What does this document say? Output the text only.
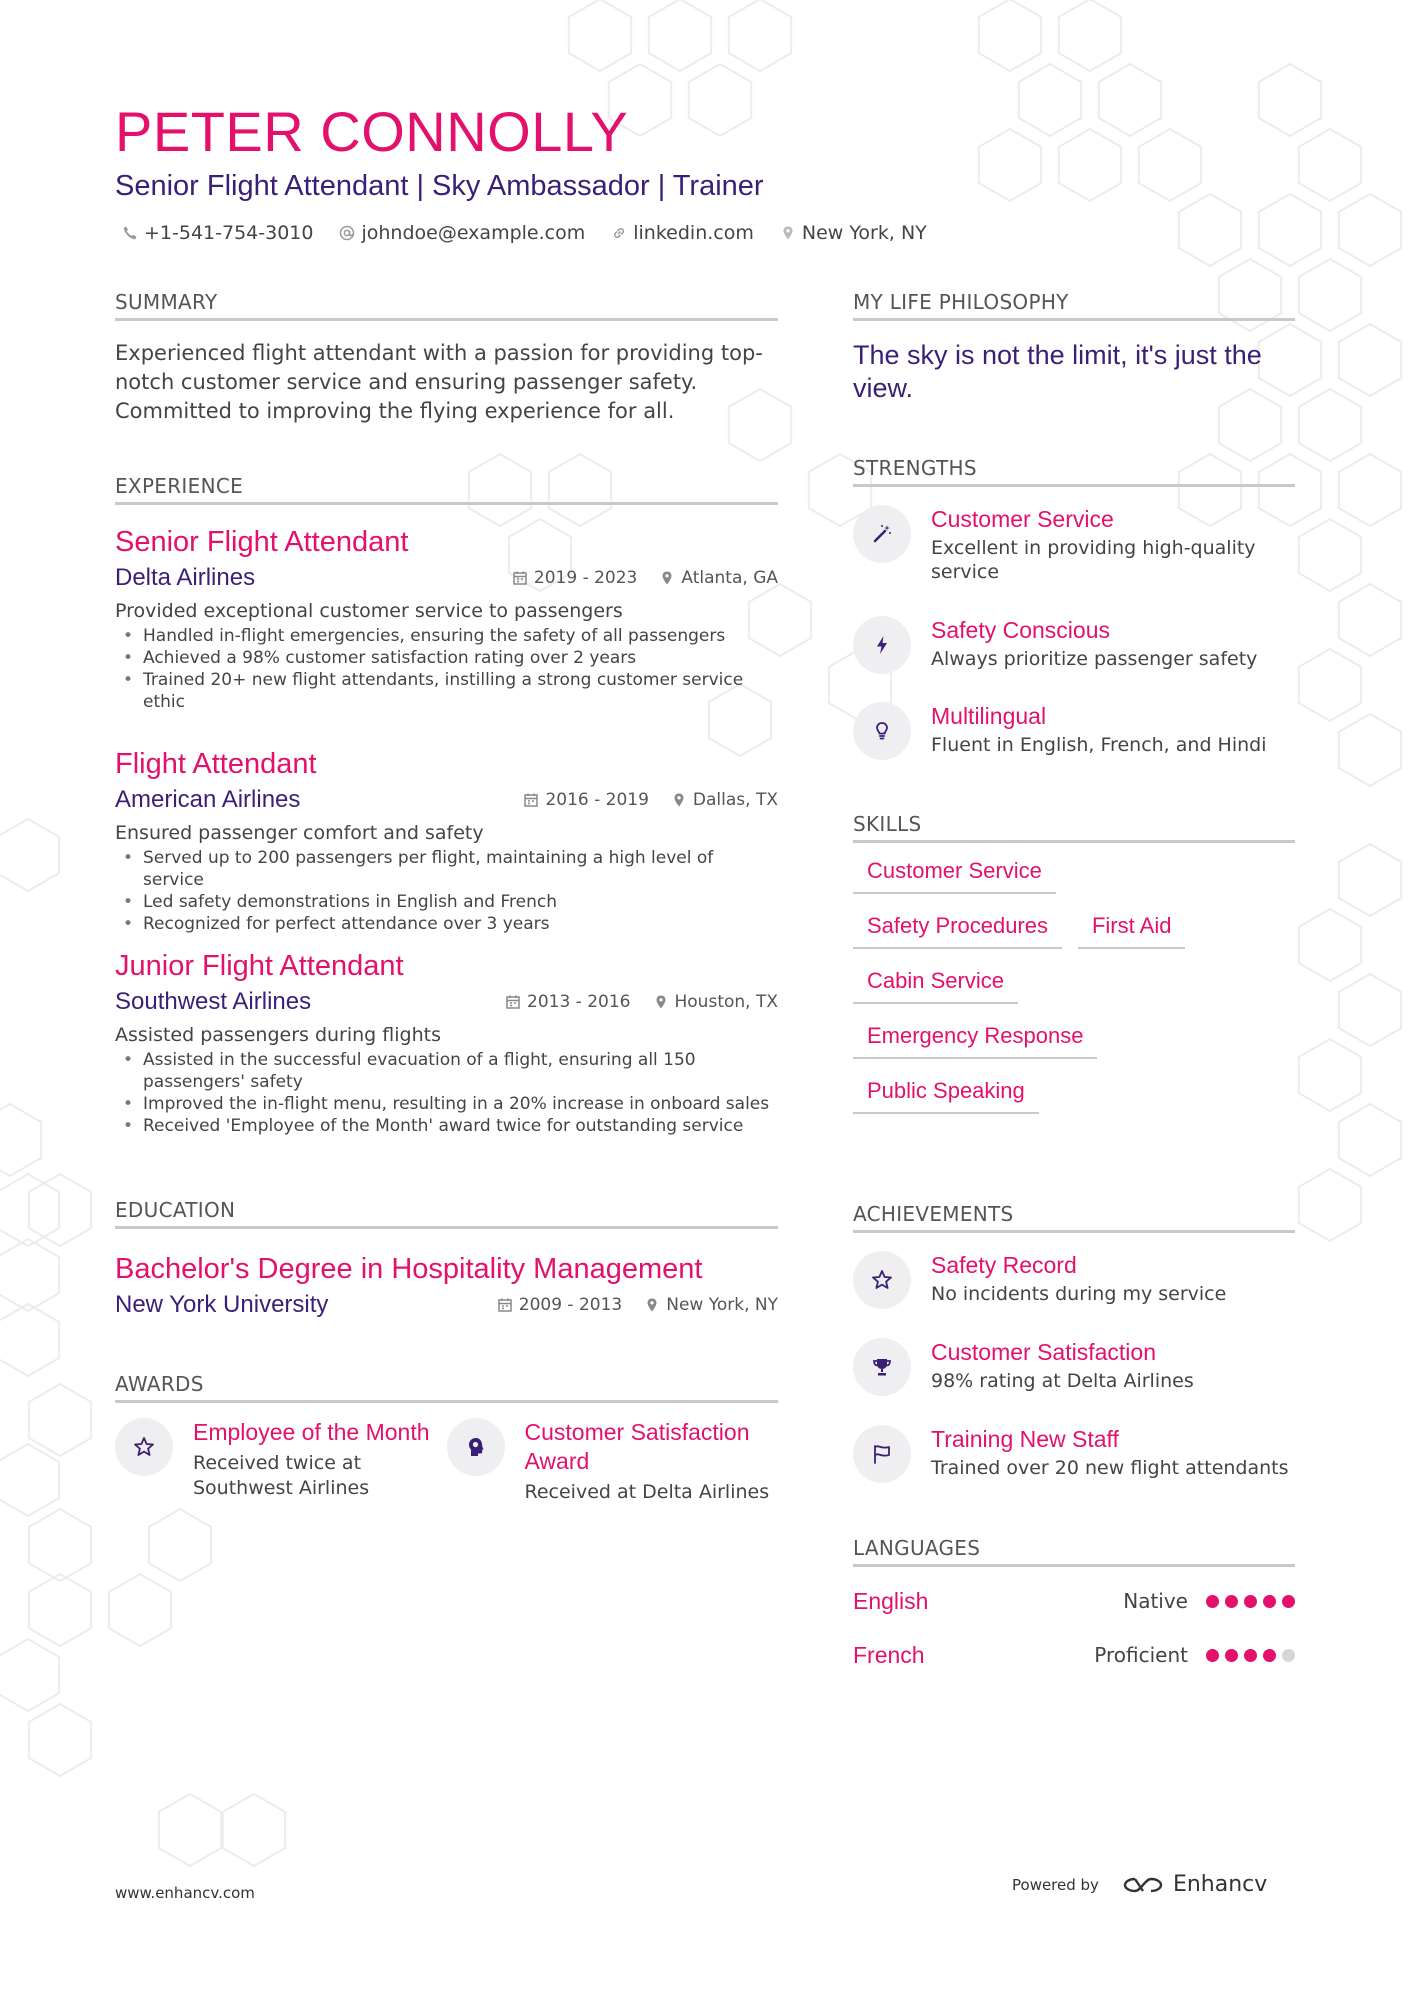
PETER CONNOLLY
Senior Flight Attendant | Sky Ambassador | Trainer
+1-541-754-3010	johndoe@example.com	linkedin.com	New York, NY
SUMMARY
Experienced flight attendant with a passion for providing top-notch customer service and ensuring passenger safety. Committed to improving the flying experience for all.
EXPERIENCE
Senior Flight Attendant
Delta Airlines	2019 - 2023	Atlanta, GA
Provided exceptional customer service to passengers
• Handled in-flight emergencies, ensuring the safety of all passengers
• Achieved a 98% customer satisfaction rating over 2 years
• Trained 20+ new flight attendants, instilling a strong customer service ethic
Flight Attendant
American Airlines	2016 - 2019	Dallas, TX
Ensured passenger comfort and safety
• Served up to 200 passengers per flight, maintaining a high level of service
• Led safety demonstrations in English and French
• Recognized for perfect attendance over 3 years
Junior Flight Attendant
Southwest Airlines	2013 - 2016	Houston, TX
Assisted passengers during flights
• Assisted in the successful evacuation of a flight, ensuring all 150 passengers' safety
• Improved the in-flight menu, resulting in a 20% increase in onboard sales
• Received 'Employee of the Month' award twice for outstanding service
EDUCATION
Bachelor's Degree in Hospitality Management
New York University	2009 - 2013	New York, NY
AWARDS
Employee of the Month
Received twice at Southwest Airlines
Customer Satisfaction Award
Received at Delta Airlines
MY LIFE PHILOSOPHY
The sky is not the limit, it's just the view.
STRENGTHS
Customer Service
Excellent in providing high-quality service
Safety Conscious
Always prioritize passenger safety
Multilingual
Fluent in English, French, and Hindi
SKILLS
Customer Service
Safety Procedures	First Aid
Cabin Service
Emergency Response
Public Speaking
ACHIEVEMENTS
Safety Record
No incidents during my service
Customer Satisfaction
98% rating at Delta Airlines
Training New Staff
Trained over 20 new flight attendants
LANGUAGES
English	Native
French	Proficient
www.enhancv.com	Powered by	Enhancv
